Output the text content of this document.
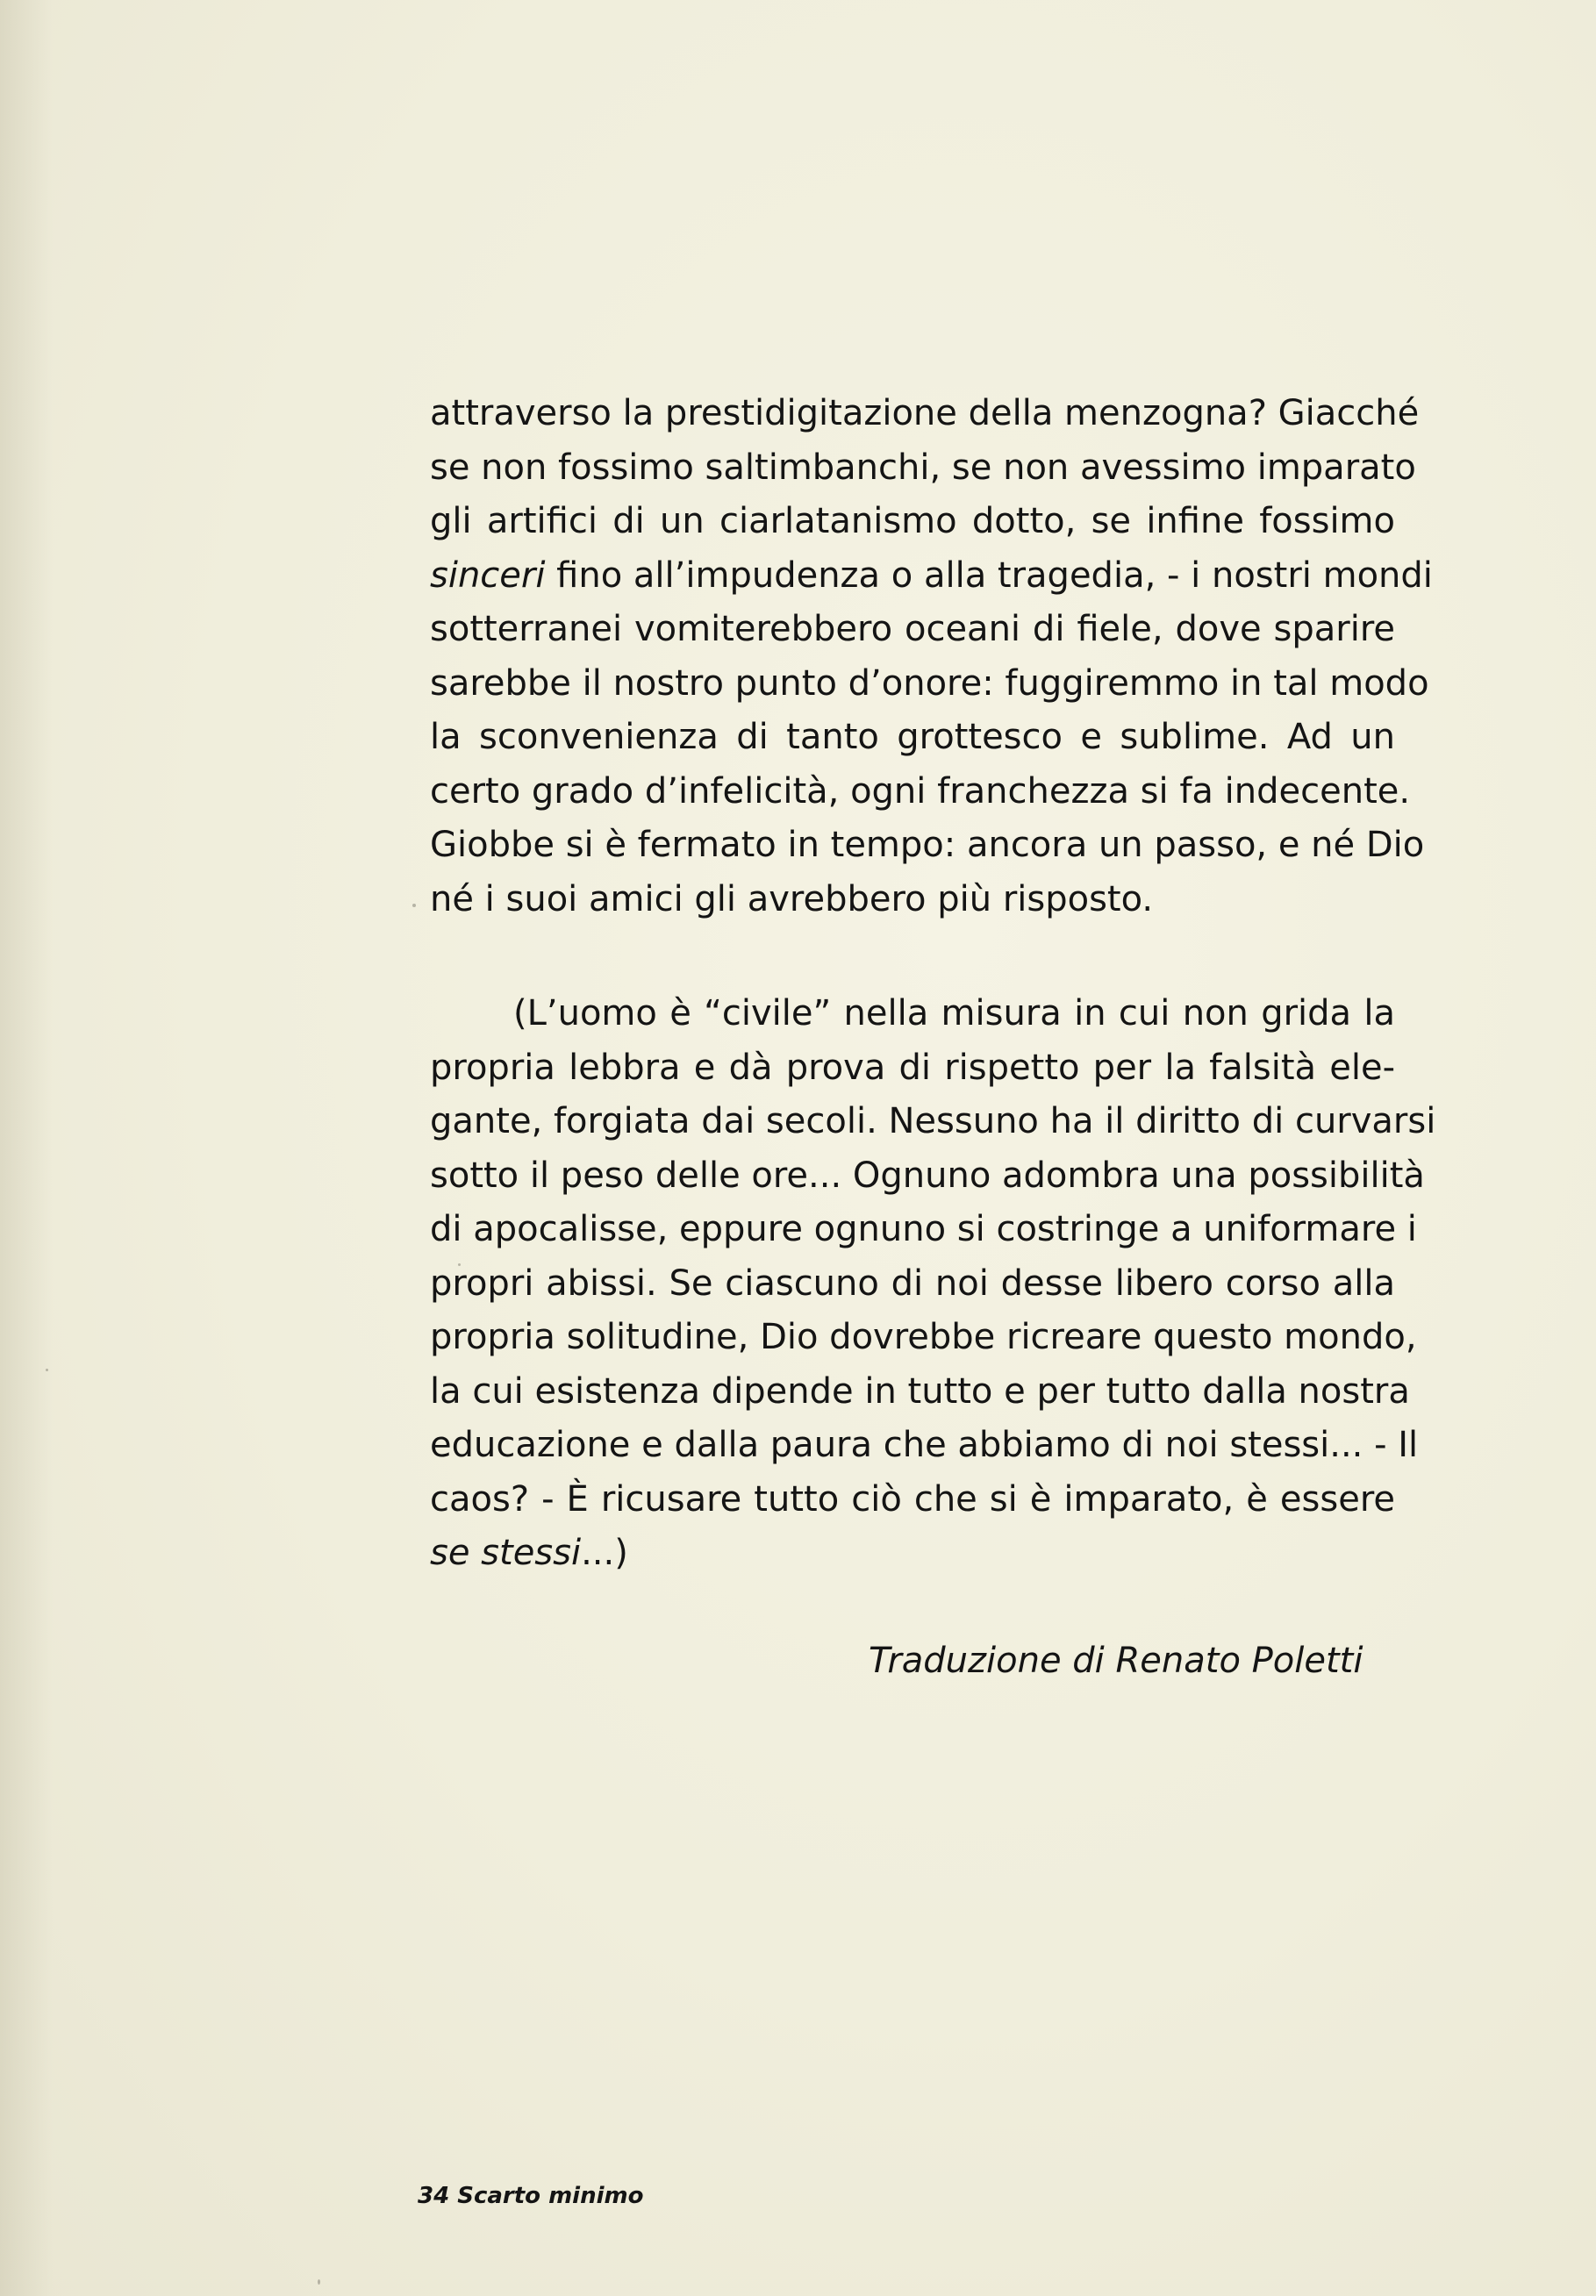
attraverso la prestidigitazione della menzogna? Giacché
se non fossimo saltimbanchi, se non avessimo imparato
gli artifici di un ciarlatanismo dotto, se infine fossimo
sinceri fino all’impudenza o alla tragedia, - i nostri mondi
sotterranei vomiterebbero oceani di fiele, dove sparire
sarebbe il nostro punto d’onore: fuggiremmo in tal modo
la sconvenienza di tanto grottesco e sublime. Ad un
certo grado d’infelicità, ogni franchezza si fa indecente.
Giobbe si è fermato in tempo: ancora un passo, e né Dio
né i suoi amici gli avrebbero più risposto.

(L’uomo è “civile” nella misura in cui non grida la
propria lebbra e dà prova di rispetto per la falsità ele-
gante, forgiata dai secoli. Nessuno ha il diritto di curvarsi
sotto il peso delle ore... Ognuno adombra una possibilità
di apocalisse, eppure ognuno si costringe a uniformare i
propri abissi. Se ciascuno di noi desse libero corso alla
propria solitudine, Dio dovrebbe ricreare questo mondo,
la cui esistenza dipende in tutto e per tutto dalla nostra
educazione e dalla paura che abbiamo di noi stessi... - Il
caos? - È ricusare tutto ciò che si è imparato, è essere
se stessi...)

Traduzione di Renato Poletti

34 Scarto minimo
